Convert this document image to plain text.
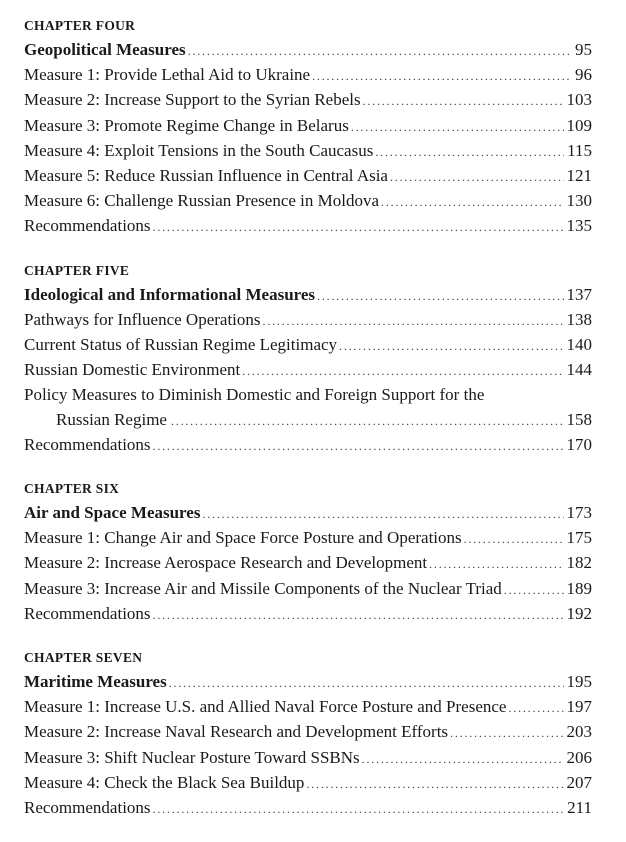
CHAPTER FOUR
Geopolitical Measures . . .	95
Measure 1: Provide Lethal Aid to Ukraine . . .	96
Measure 2: Increase Support to the Syrian Rebels . . .	103
Measure 3: Promote Regime Change in Belarus . . .	109
Measure 4: Exploit Tensions in the South Caucasus . . .	115
Measure 5: Reduce Russian Influence in Central Asia . . .	121
Measure 6: Challenge Russian Presence in Moldova . . .	130
Recommendations . . .	135
CHAPTER FIVE
Ideological and Informational Measures . . .	137
Pathways for Influence Operations . . .	138
Current Status of Russian Regime Legitimacy . . .	140
Russian Domestic Environment . . .	144
Policy Measures to Diminish Domestic and Foreign Support for the
Russian Regime . . .	158
Recommendations . . .	170
CHAPTER SIX
Air and Space Measures . . .	173
Measure 1: Change Air and Space Force Posture and Operations . . .	175
Measure 2: Increase Aerospace Research and Development . . .	182
Measure 3: Increase Air and Missile Components of the Nuclear Triad . . .	189
Recommendations . . .	192
CHAPTER SEVEN
Maritime Measures . . .	195
Measure 1: Increase U.S. and Allied Naval Force Posture and Presence . . .	197
Measure 2: Increase Naval Research and Development Efforts . . .	203
Measure 3: Shift Nuclear Posture Toward SSBNs . . .	206
Measure 4: Check the Black Sea Buildup . . .	207
Recommendations . . .	211
